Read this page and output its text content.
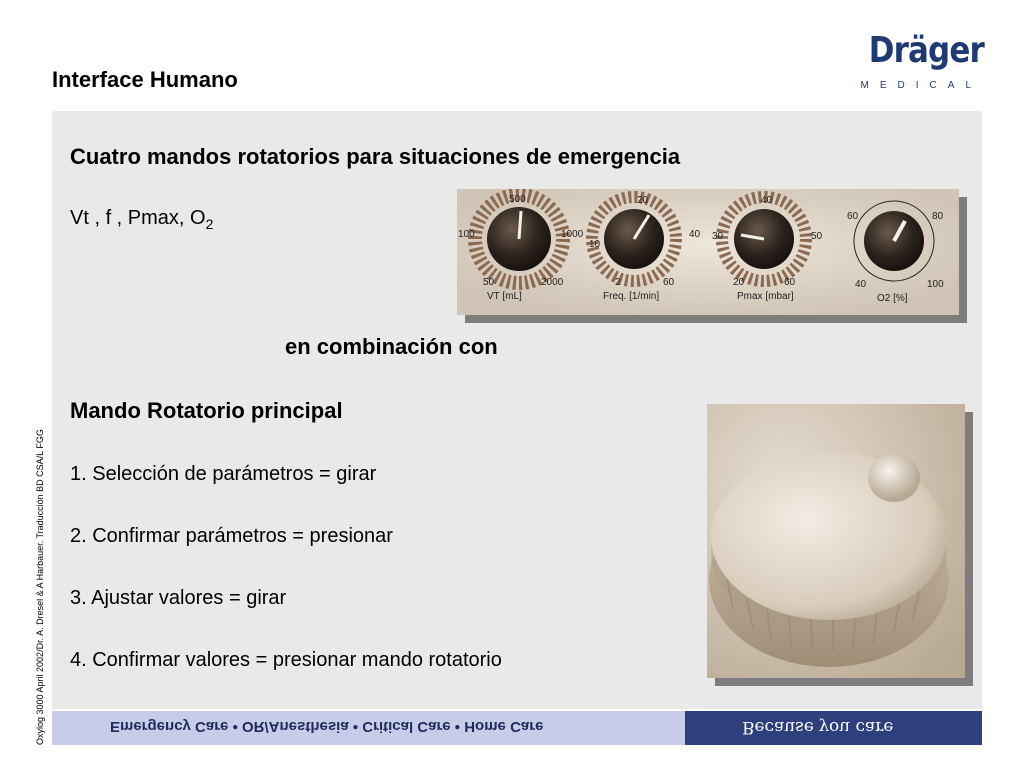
Interface Humano
Dräger
MEDICAL
Cuatro mandos rotatorios para situaciones de emergencia
Vt , f , Pmax, $O_2$
en combinación con
Mando Rotatorio principal
1. Selección de parámetros = girar
2. Confirmar parámetros = presionar
3. Ajustar valores = girar
4. Confirmar valores = presionar mando rotatorio
500
100	1000
50	2000
VT [mL]
20
10
40
2	60
Freq. [1/min]
40
30	50
20	60
Pmax [mbar]
60	80
40	100
O2 [%]
Emergency Care • OR/Anesthesia • Critical Care • Home Care	Because you care
Oxylog 3000 April 2002/Dr. A. Dresel & A Harbauer. Traducción BD CSA/L FGG
